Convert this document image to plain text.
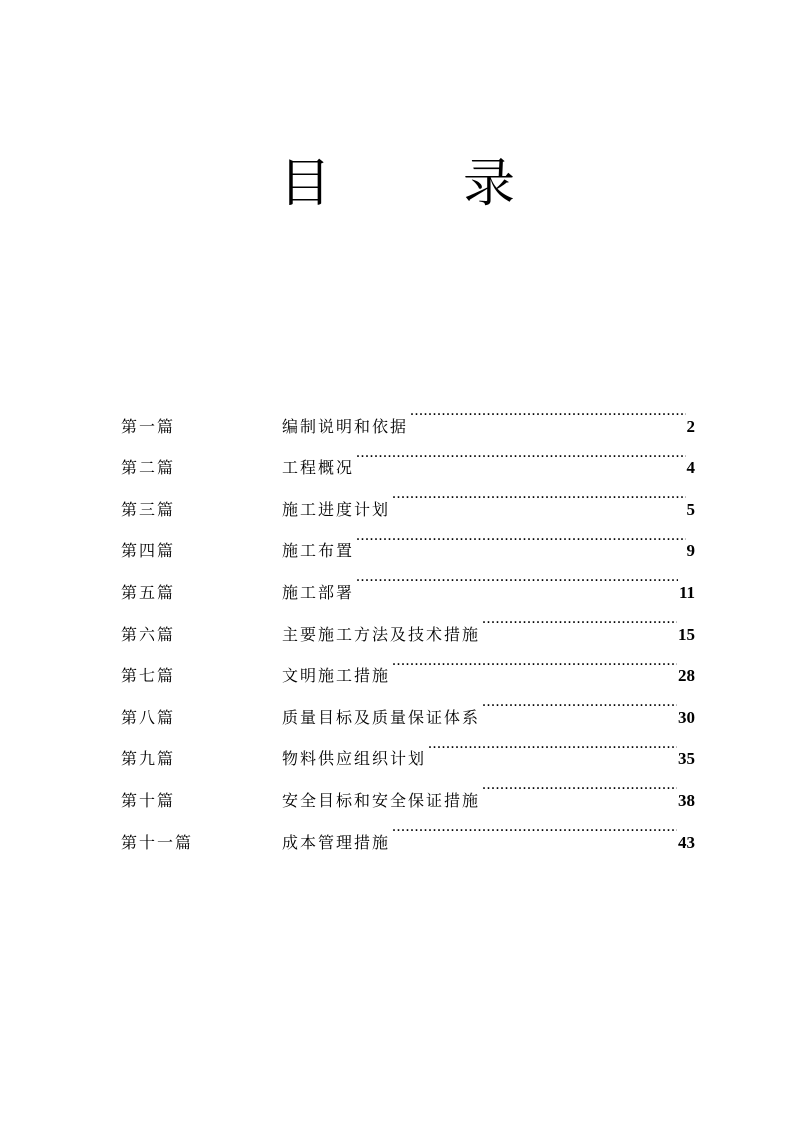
目　录
第一篇	编制说明和依据 .....	2
第二篇	工程概况 .....	4
第三篇	施工进度计划 .....	5
第四篇	施工布置 .....	9
第五篇	施工部署 .....	11
第六篇	主要施工方法及技术措施 .....	15
第七篇	文明施工措施 .....	28
第八篇	质量目标及质量保证体系 .....	30
第九篇	物料供应组织计划 .....	35
第十篇	安全目标和安全保证措施 .....	38
第十一篇	成本管理措施 .....	43
